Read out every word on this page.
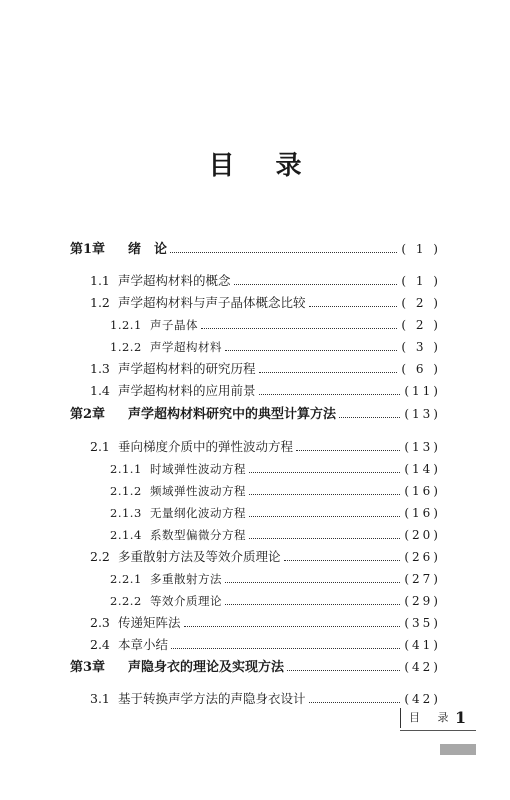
目 录
第1章	绪　论	( 1 )
1.1 声学超构材料的概念	( 1 )
1.2 声学超构材料与声子晶体概念比较	( 2 )
1.2.1 声子晶体	( 2 )
1.2.2 声学超构材料	( 3 )
1.3 声学超构材料的研究历程	( 6 )
1.4 声学超构材料的应用前景	(11)
第2章	声学超构材料研究中的典型计算方法	(13)
2.1 垂向梯度介质中的弹性波动方程	(13)
2.1.1 时域弹性波动方程	(14)
2.1.2 频域弹性波动方程	(16)
2.1.3 无量纲化波动方程	(16)
2.1.4 系数型偏微分方程	(20)
2.2 多重散射方法及等效介质理论	(26)
2.2.1 多重散射方法	(27)
2.2.2 等效介质理论	(29)
2.3 传递矩阵法	(35)
2.4 本章小结	(41)
第3章	声隐身衣的理论及实现方法	(42)
3.1 基于转换声学方法的声隐身衣设计	(42)
目 录 1
